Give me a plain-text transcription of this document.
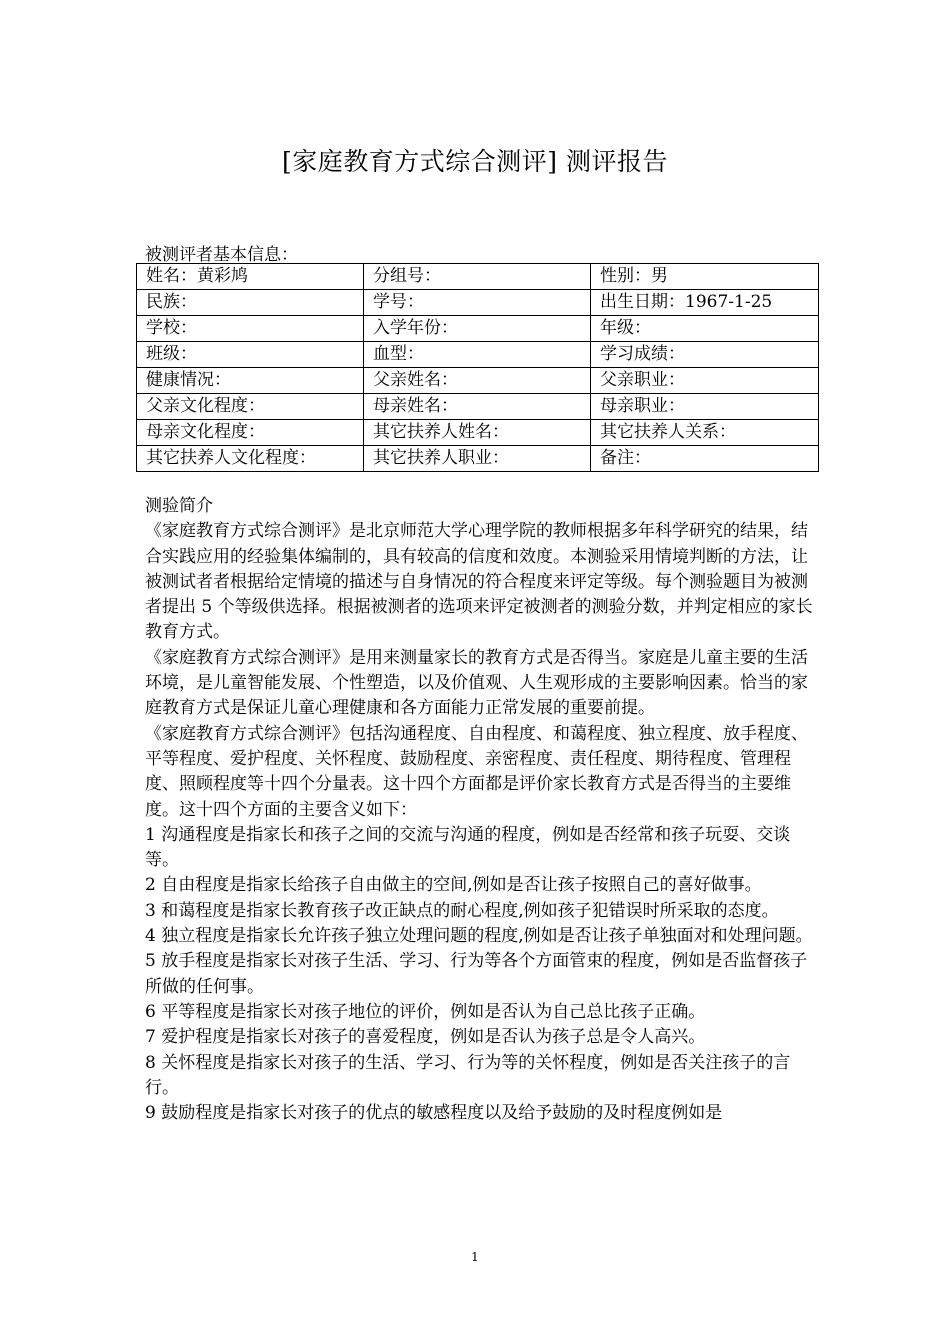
[家庭教育方式综合测评] 测评报告
被测评者基本信息：
姓名：黄彩鸠	分组号：	性别：男
民族：	学号：	出生日期：1967-1-25
学校：	入学年份：	年级：
班级：	血型：	学习成绩：
健康情况：	父亲姓名：	父亲职业：
父亲文化程度：	母亲姓名：	母亲职业：
母亲文化程度：	其它扶养人姓名：	其它扶养人关系：
其它扶养人文化程度：	其它扶养人职业：	备注：

测验简介

《家庭教育方式综合测评》是北京师范大学心理学院的教师根据多年科学研究的结果，结合实践应用的经验集体编制的，具有较高的信度和效度。本测验采用情境判断的方法，让被测试者者根据给定情境的描述与自身情况的符合程度来评定等级。每个测验题目为被测者提出 5 个等级供选择。根据被测者的选项来评定被测者的测验分数，并判定相应的家长教育方式。

《家庭教育方式综合测评》是用来测量家长的教育方式是否得当。家庭是儿童主要的生活环境，是儿童智能发展、个性塑造，以及价值观、人生观形成的主要影响因素。恰当的家庭教育方式是保证儿童心理健康和各方面能力正常发展的重要前提。

《家庭教育方式综合测评》包括沟通程度、自由程度、和蔼程度、独立程度、放手程度、平等程度、爱护程度、关怀程度、鼓励程度、亲密程度、责任程度、期待程度、管理程度、照顾程度等十四个分量表。这十四个方面都是评价家长教育方式是否得当的主要维度。这十四个方面的主要含义如下：

1 沟通程度是指家长和孩子之间的交流与沟通的程度，例如是否经常和孩子玩耍、交谈等。

2 自由程度是指家长给孩子自由做主的空间,例如是否让孩子按照自己的喜好做事。

3 和蔼程度是指家长教育孩子改正缺点的耐心程度,例如孩子犯错误时所采取的态度。

4 独立程度是指家长允许孩子独立处理问题的程度,例如是否让孩子单独面对和处理问题。

5 放手程度是指家长对孩子生活、学习、行为等各个方面管束的程度，例如是否监督孩子所做的任何事。

6 平等程度是指家长对孩子地位的评价，例如是否认为自己总比孩子正确。

7 爱护程度是指家长对孩子的喜爱程度，例如是否认为孩子总是令人高兴。

8 关怀程度是指家长对孩子的生活、学习、行为等的关怀程度，例如是否关注孩子的言行。

9 鼓励程度是指家长对孩子的优点的敏感程度以及给予鼓励的及时程度例如是

1
